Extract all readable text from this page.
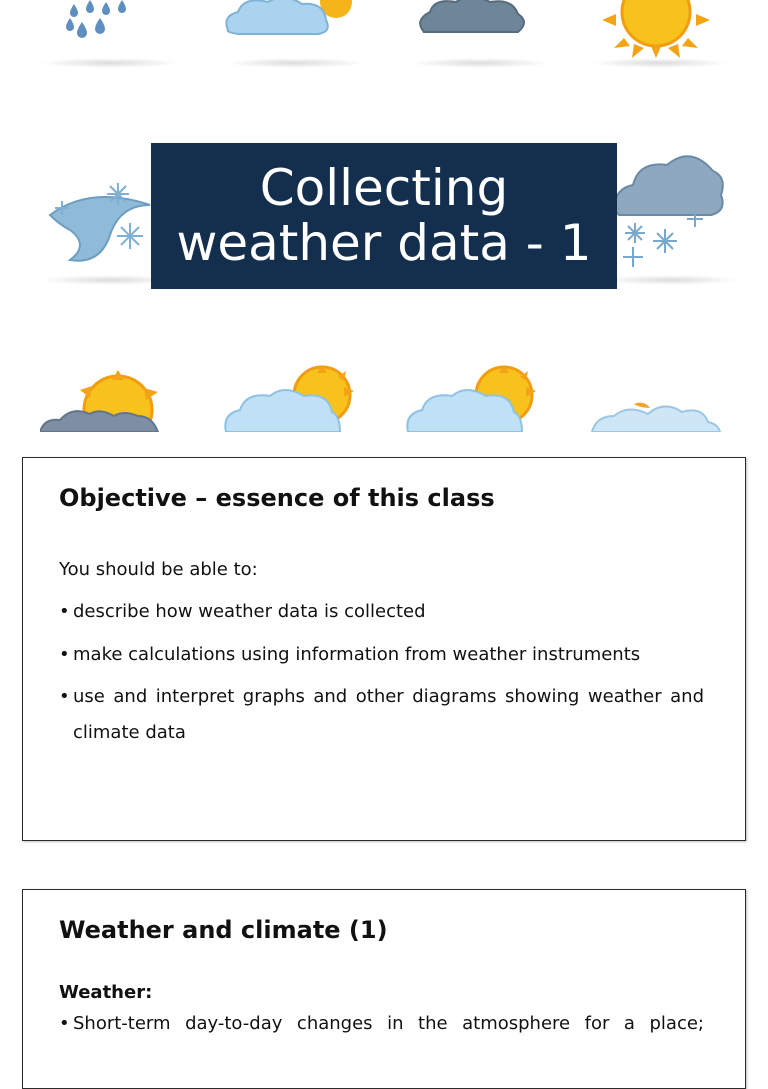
Collecting
weather data - 1
Objective – essence of this class
You should be able to:
• describe how weather data is collected
• make calculations using information from weather instruments
• use and interpret graphs and other diagrams showing weather and climate data
Weather and climate (1)
Weather:
• Short-term day-to-day changes in the atmosphere for a place;
